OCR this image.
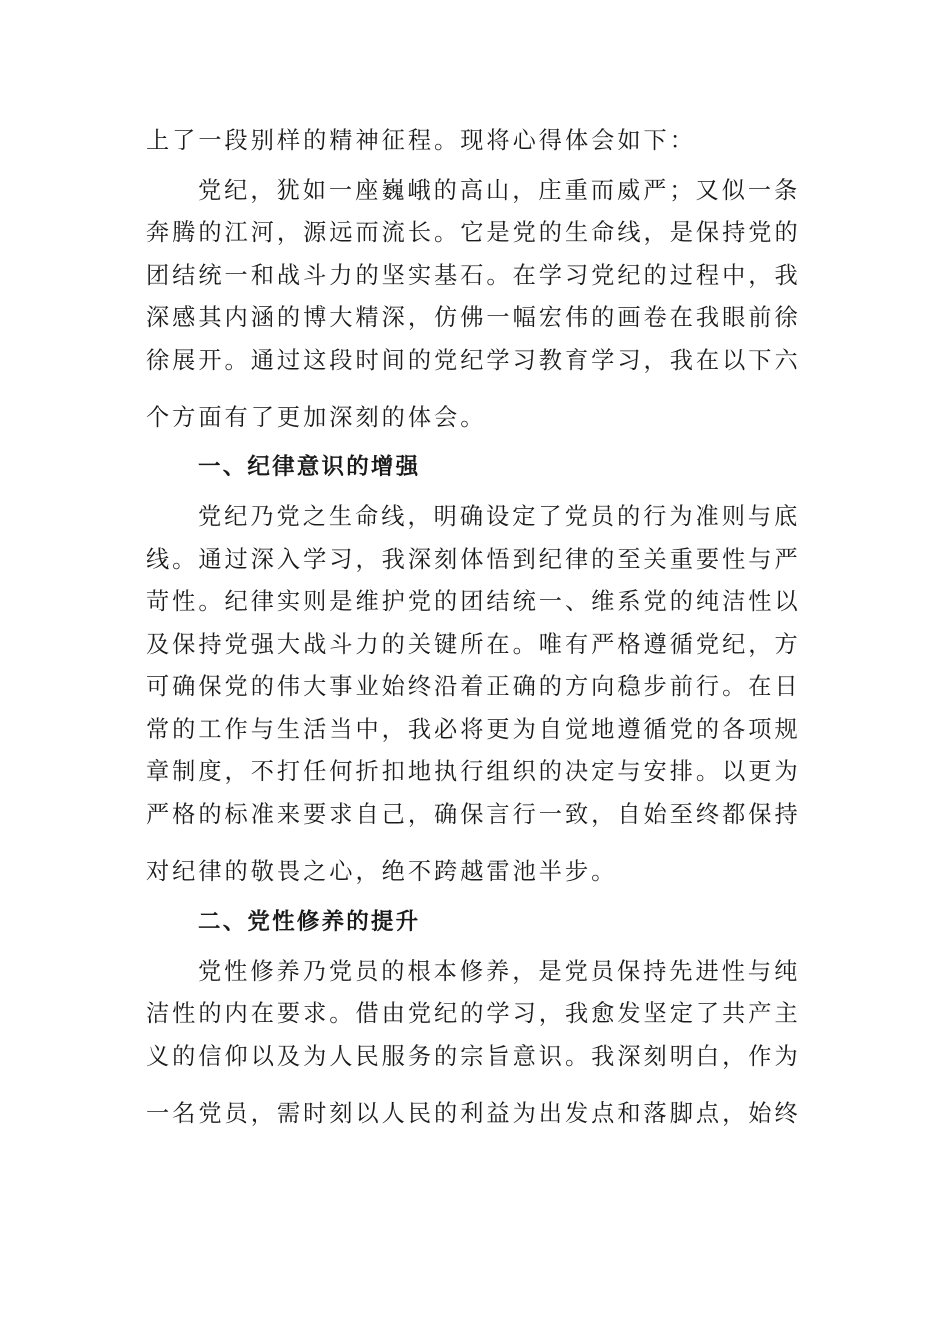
上了一段别样的精神征程。现将心得体会如下：
党纪，犹如一座巍峨的高山，庄重而威严；又似一条
奔腾的江河，源远而流长。它是党的生命线，是保持党的
团结统一和战斗力的坚实基石。在学习党纪的过程中，我
深感其内涵的博大精深，仿佛一幅宏伟的画卷在我眼前徐
徐展开。通过这段时间的党纪学习教育学习，我在以下六
个方面有了更加深刻的体会。
一、纪律意识的增强
党纪乃党之生命线，明确设定了党员的行为准则与底
线。通过深入学习，我深刻体悟到纪律的至关重要性与严
苛性。纪律实则是维护党的团结统一、维系党的纯洁性以
及保持党强大战斗力的关键所在。唯有严格遵循党纪，方
可确保党的伟大事业始终沿着正确的方向稳步前行。在日
常的工作与生活当中，我必将更为自觉地遵循党的各项规
章制度，不打任何折扣地执行组织的决定与安排。以更为
严格的标准来要求自己，确保言行一致，自始至终都保持
对纪律的敬畏之心，绝不跨越雷池半步。
二、党性修养的提升
党性修养乃党员的根本修养，是党员保持先进性与纯
洁性的内在要求。借由党纪的学习，我愈发坚定了共产主
义的信仰以及为人民服务的宗旨意识。我深刻明白，作为
一名党员，需时刻以人民的利益为出发点和落脚点，始终
